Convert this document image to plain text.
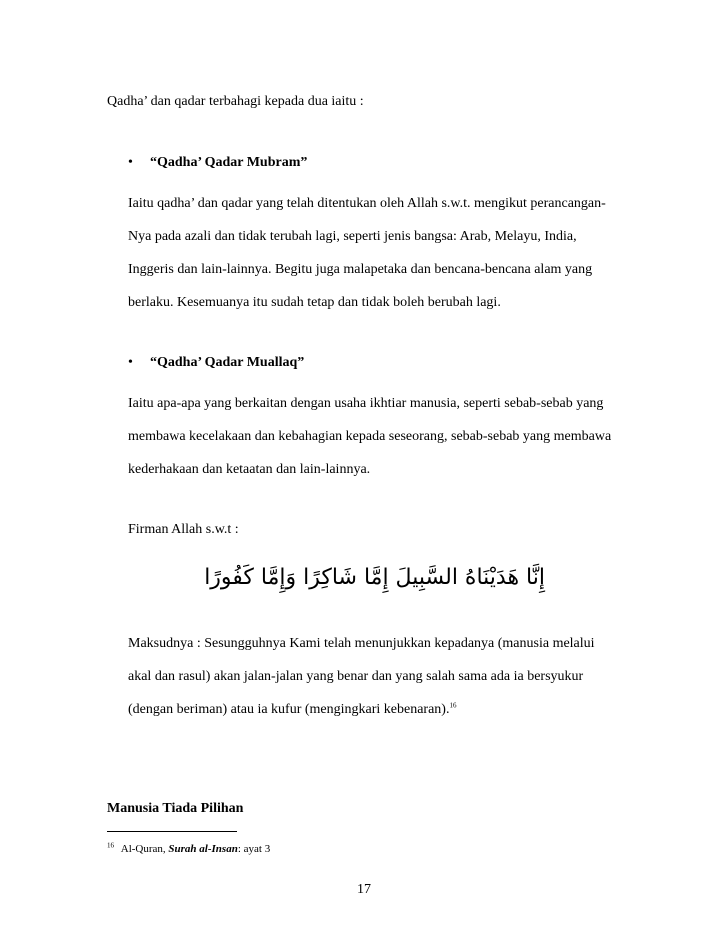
Qadha’ dan qadar terbahagi kepada dua iaitu :
• “Qadha’ Qadar Mubram”
Iaitu qadha’ dan qadar yang telah ditentukan oleh Allah s.w.t. mengikut perancangan-
Nya pada azali dan tidak terubah lagi, seperti jenis bangsa: Arab, Melayu, India,
Inggeris dan lain-lainnya. Begitu juga malapetaka dan bencana-bencana alam yang
berlaku. Kesemuanya itu sudah tetap dan tidak boleh berubah lagi.
• “Qadha’ Qadar Muallaq”
Iaitu apa-apa yang berkaitan dengan usaha ikhtiar manusia, seperti sebab-sebab yang
membawa kecelakaan dan kebahagian kepada seseorang, sebab-sebab yang membawa
kederhakaan dan ketaatan dan lain-lainnya.
Firman Allah s.w.t :
إِنَّا هَدَيْنَاهُ السَّبِيلَ إِمَّا شَاكِرًا وَإِمَّا كَفُورًا
Maksudnya : Sesungguhnya Kami telah menunjukkan kepadanya (manusia melalui
akal dan rasul) akan jalan-jalan yang benar dan yang salah sama ada ia bersyukur
(dengan beriman) atau ia kufur (mengingkari kebenaran).$^{16}$
Manusia Tiada Pilihan
$^{16}$ Al-Quran, Surah al-Insan: ayat 3
17
